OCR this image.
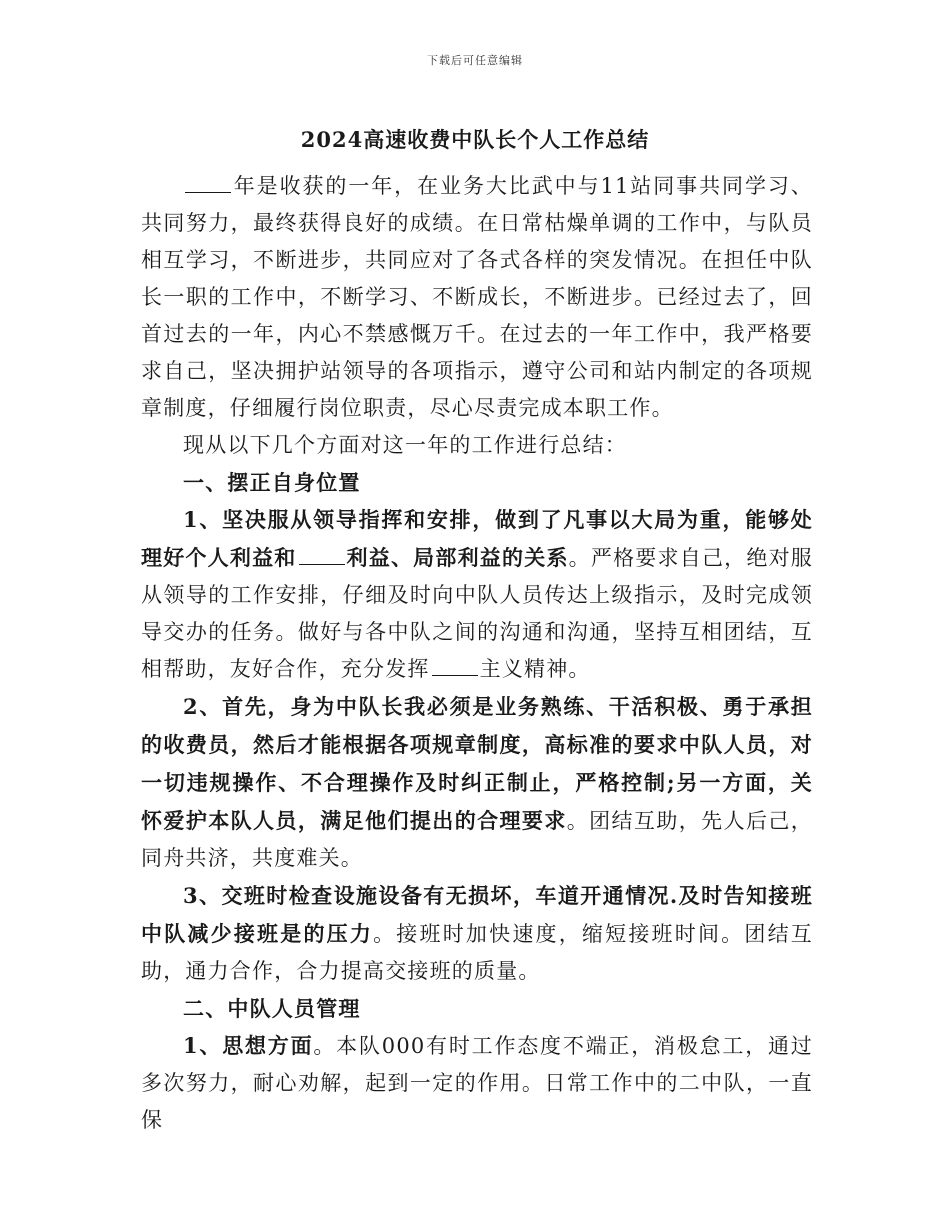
下载后可任意编辑
2024高速收费中队长个人工作总结

年是收获的一年，在业务大比武中与11站同事共同学习、共同努力，最终获得良好的成绩。在日常枯燥单调的工作中，与队员相互学习，不断进步，共同应对了各式各样的突发情况。在担任中队长一职的工作中，不断学习、不断成长，不断进步。已经过去了，回首过去的一年，内心不禁感慨万千。在过去的一年工作中，我严格要求自己，坚决拥护站领导的各项指示，遵守公司和站内制定的各项规章制度，仔细履行岗位职责，尽心尽责完成本职工作。

现从以下几个方面对这一年的工作进行总结：

一、摆正自身位置

1、坚决服从领导指挥和安排，做到了凡事以大局为重，能够处理好个人利益和 利益、局部利益的关系。严格要求自己，绝对服从领导的工作安排，仔细及时向中队人员传达上级指示，及时完成领导交办的任务。做好与各中队之间的沟通和沟通，坚持互相团结，互相帮助，友好合作，充分发挥 主义精神。

2、首先，身为中队长我必须是业务熟练、干活积极、勇于承担的收费员，然后才能根据各项规章制度，高标准的要求中队人员，对一切违规操作、不合理操作及时纠正制止，严格控制;另一方面，关怀爱护本队人员，满足他们提出的合理要求。团结互助，先人后己，同舟共济，共度难关。

3、交班时检查设施设备有无损坏，车道开通情况.及时告知接班中队减少接班是的压力。接班时加快速度，缩短接班时间。团结互助，通力合作，合力提高交接班的质量。

二、中队人员管理

1、思想方面。本队000有时工作态度不端正，消极怠工，通过多次努力，耐心劝解，起到一定的作用。日常工作中的二中队，一直保
